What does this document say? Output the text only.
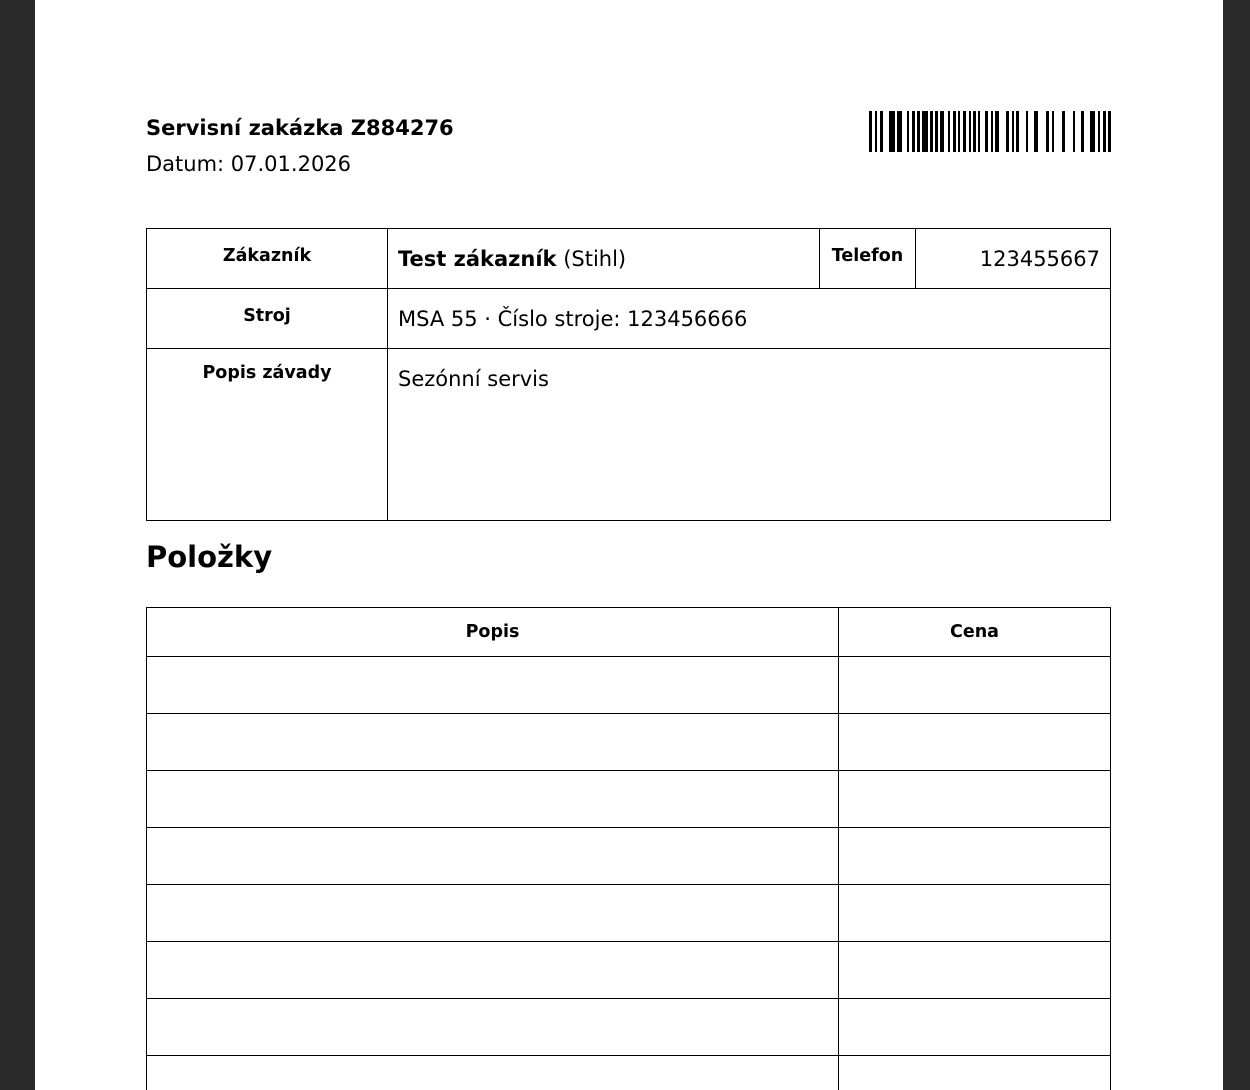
Servisní zakázka Z884276
Datum: 07.01.2026
Zákazník	Test zákazník (Stihl)	Telefon	123455667
Stroj	MSA 55 · Číslo stroje: 123456666		
Popis závady	Sezónní servis		
Položky
Popis	Cena
